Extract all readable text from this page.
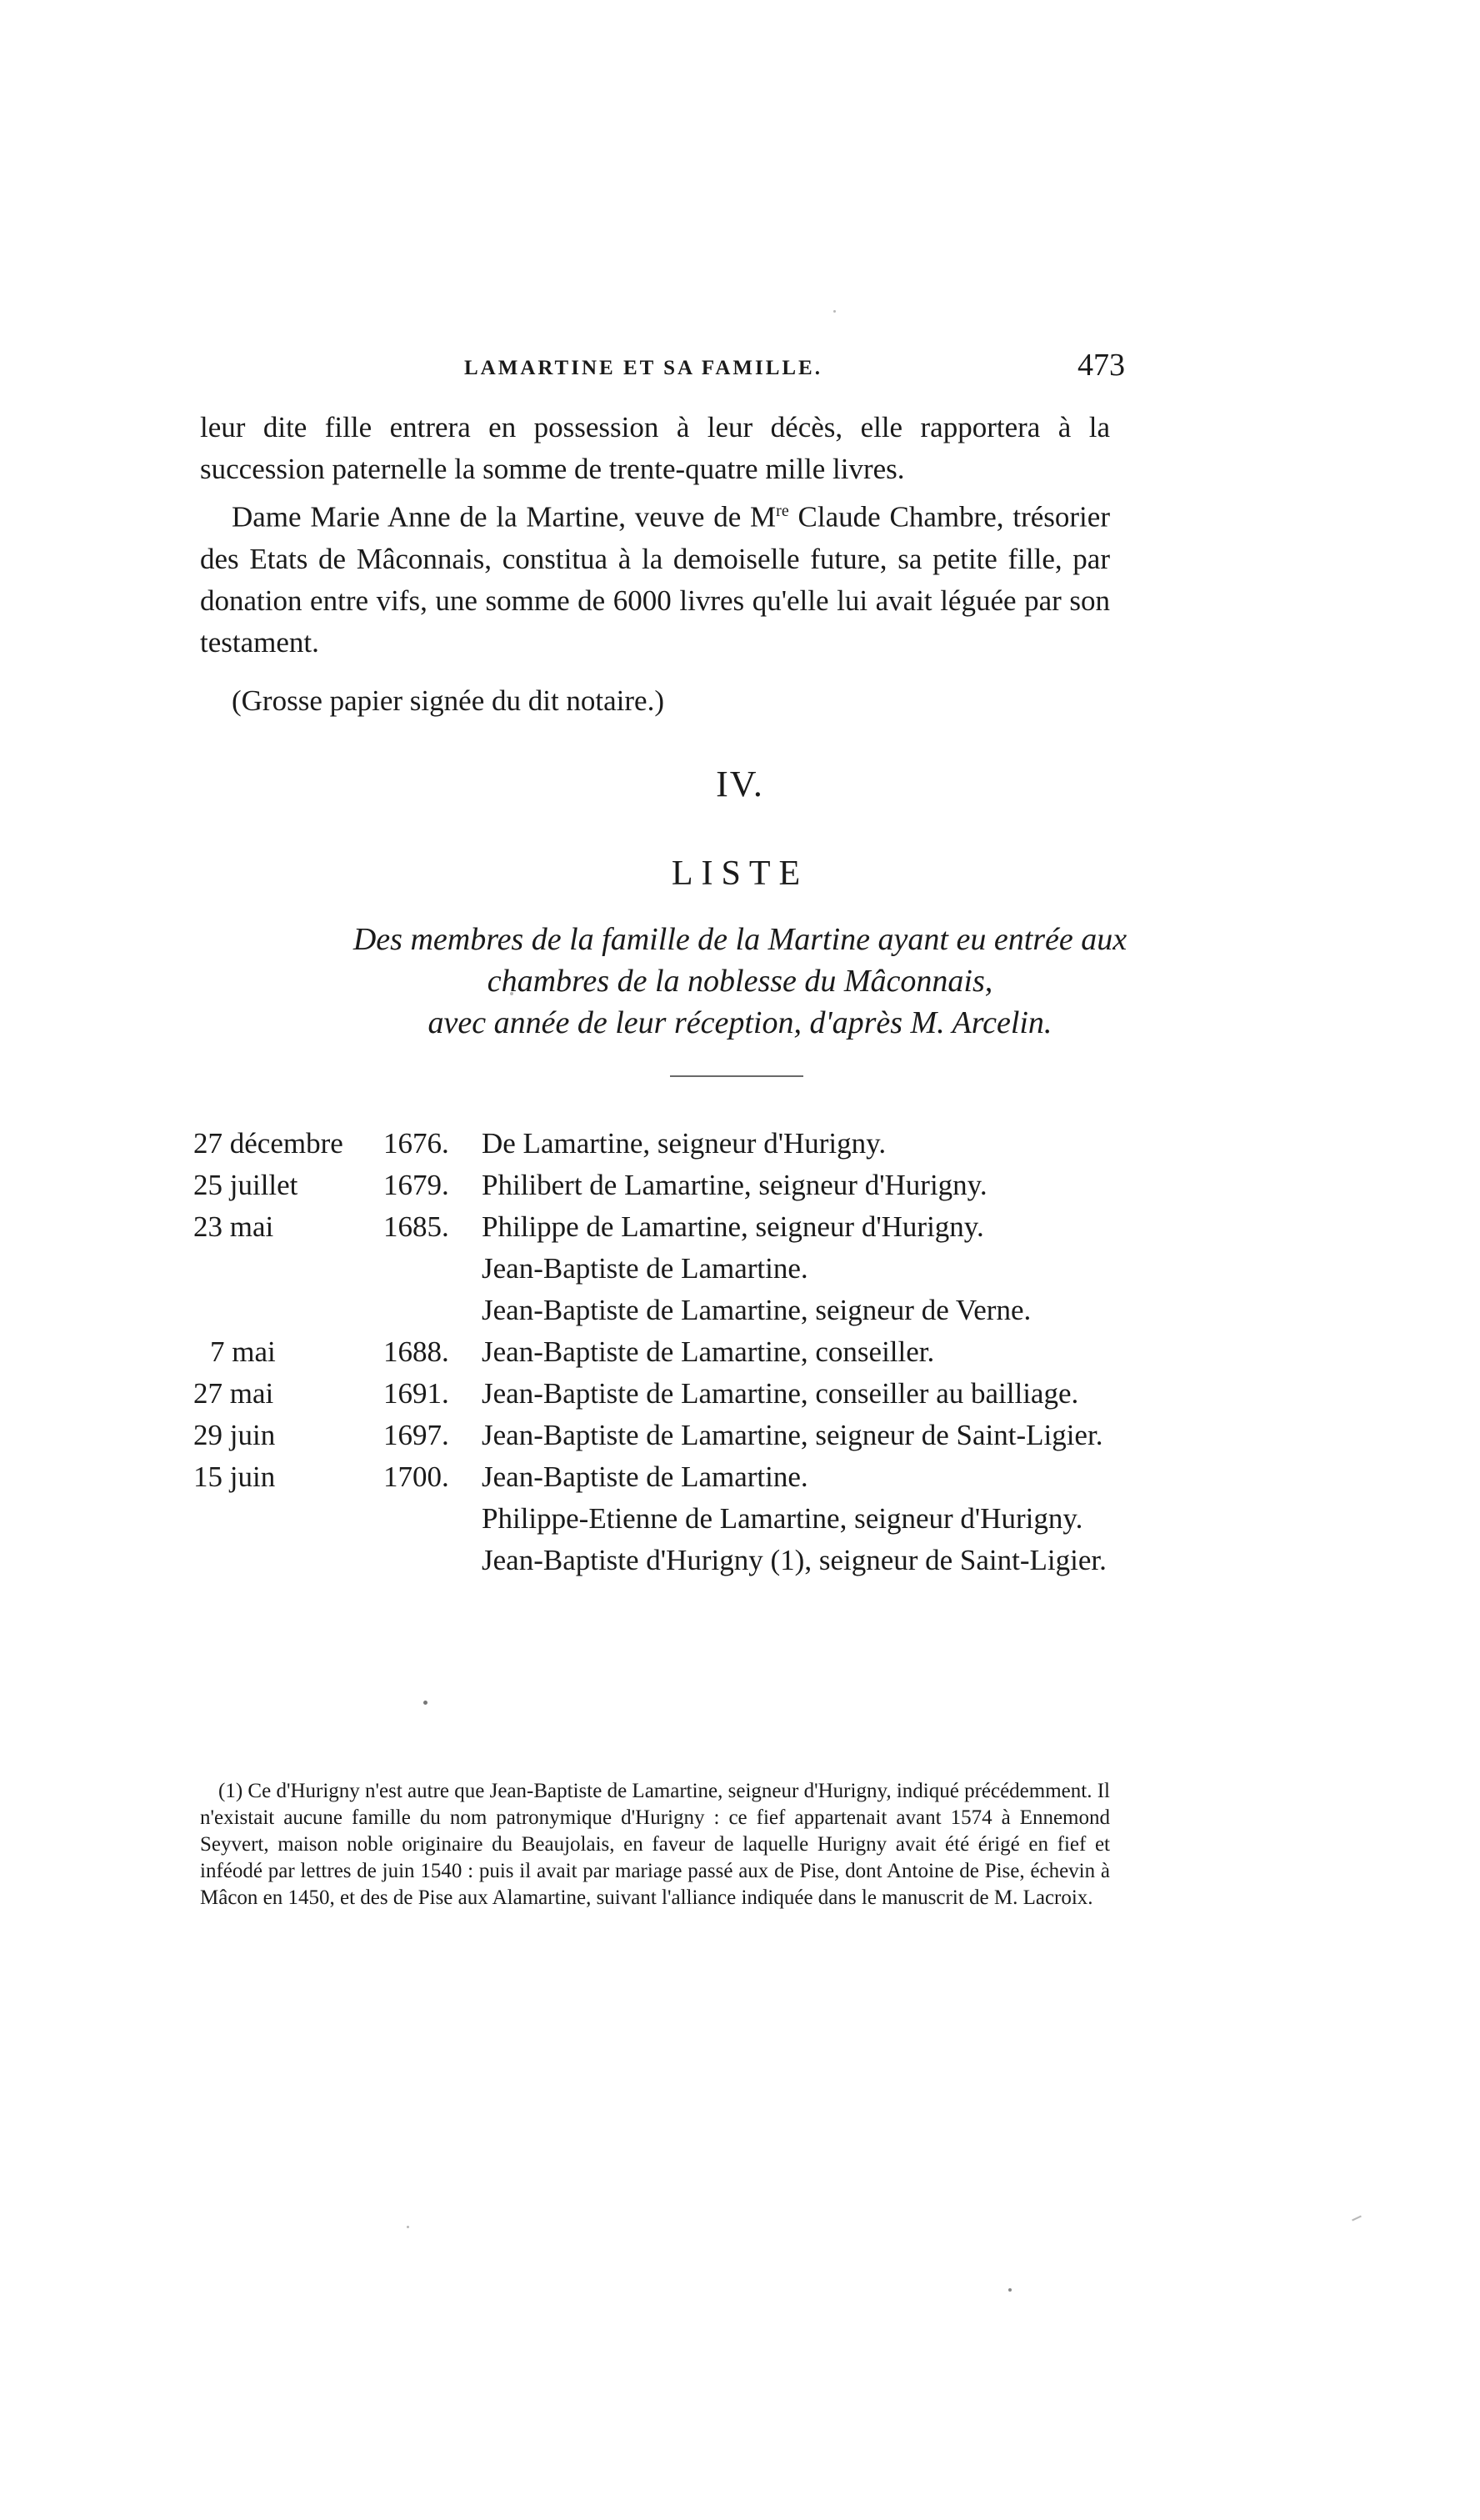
LAMARTINE ET SA FAMILLE.	473

leur dite fille entrera en possession à leur décès, elle rapportera à la succession paternelle la somme de trente-quatre mille livres.

Dame Marie Anne de la Martine, veuve de Mre Claude Chambre, trésorier des Etats de Mâconnais, constitua à la demoiselle future, sa petite fille, par donation entre vifs, une somme de 6000 livres qu'elle lui avait léguée par son testament.

(Grosse papier signée du dit notaire.)

IV.
LISTE
Des membres de la famille de la Martine ayant eu entrée aux
chambres de la noblesse du Mâconnais,
avec année de leur réception, d'après M. Arcelin.
27 décembre 1676. De Lamartine, seigneur d'Hurigny.
25 juillet	1679. Philibert de Lamartine, seigneur d'Hurigny.
23 mai	1685. Philippe de Lamartine, seigneur d'Hurigny.
Jean-Baptiste de Lamartine.
Jean-Baptiste de Lamartine, seigneur de Verne.
7 mai	1688. Jean-Baptiste de Lamartine, conseiller.
27 mai	1691. Jean-Baptiste de Lamartine, conseiller au bailliage.
29 juin	1697. Jean-Baptiste de Lamartine, seigneur de Saint-Ligier.
15 juin	1700. Jean-Baptiste de Lamartine.
Philippe-Etienne de Lamartine, seigneur d'Hurigny.
Jean-Baptiste d'Hurigny (1), seigneur de Saint-Ligier.

(1) Ce d'Hurigny n'est autre que Jean-Baptiste de Lamartine, seigneur d'Hurigny, indiqué précédemment. Il n'existait aucune famille du nom patronymique d'Hurigny : ce fief appartenait avant 1574 à Ennemond Seyvert, maison noble originaire du Beaujolais, en faveur de laquelle Hurigny avait été érigé en fief et inféodé par lettres de juin 1540 : puis il avait par mariage passé aux de Pise, dont Antoine de Pise, échevin à Mâcon en 1450, et des de Pise aux Alamartine, suivant l'alliance indiquée dans le manuscrit de M. Lacroix.
